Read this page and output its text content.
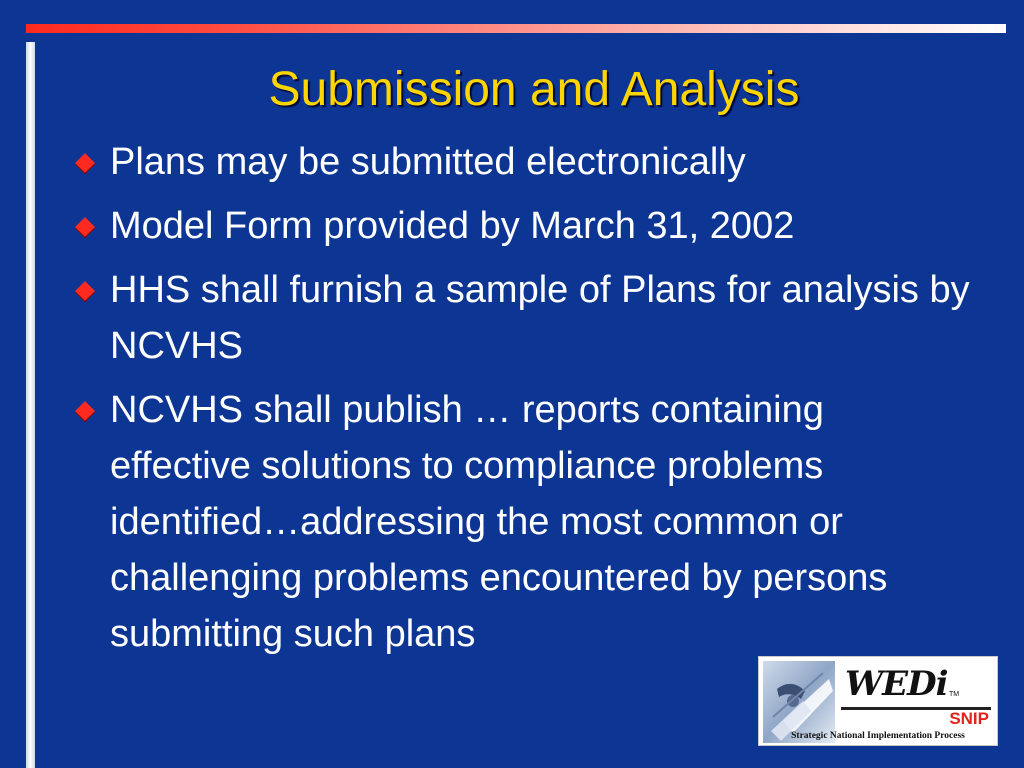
Submission and Analysis
Plans may be submitted electronically
Model Form provided by March 31, 2002
HHS shall furnish a sample of Plans for analysis by NCVHS
NCVHS shall publish … reports containing effective solutions to compliance problems identified…addressing the most common or challenging problems encountered by persons submitting such plans
WEDi TM
SNIP
Strategic National Implementation Process
